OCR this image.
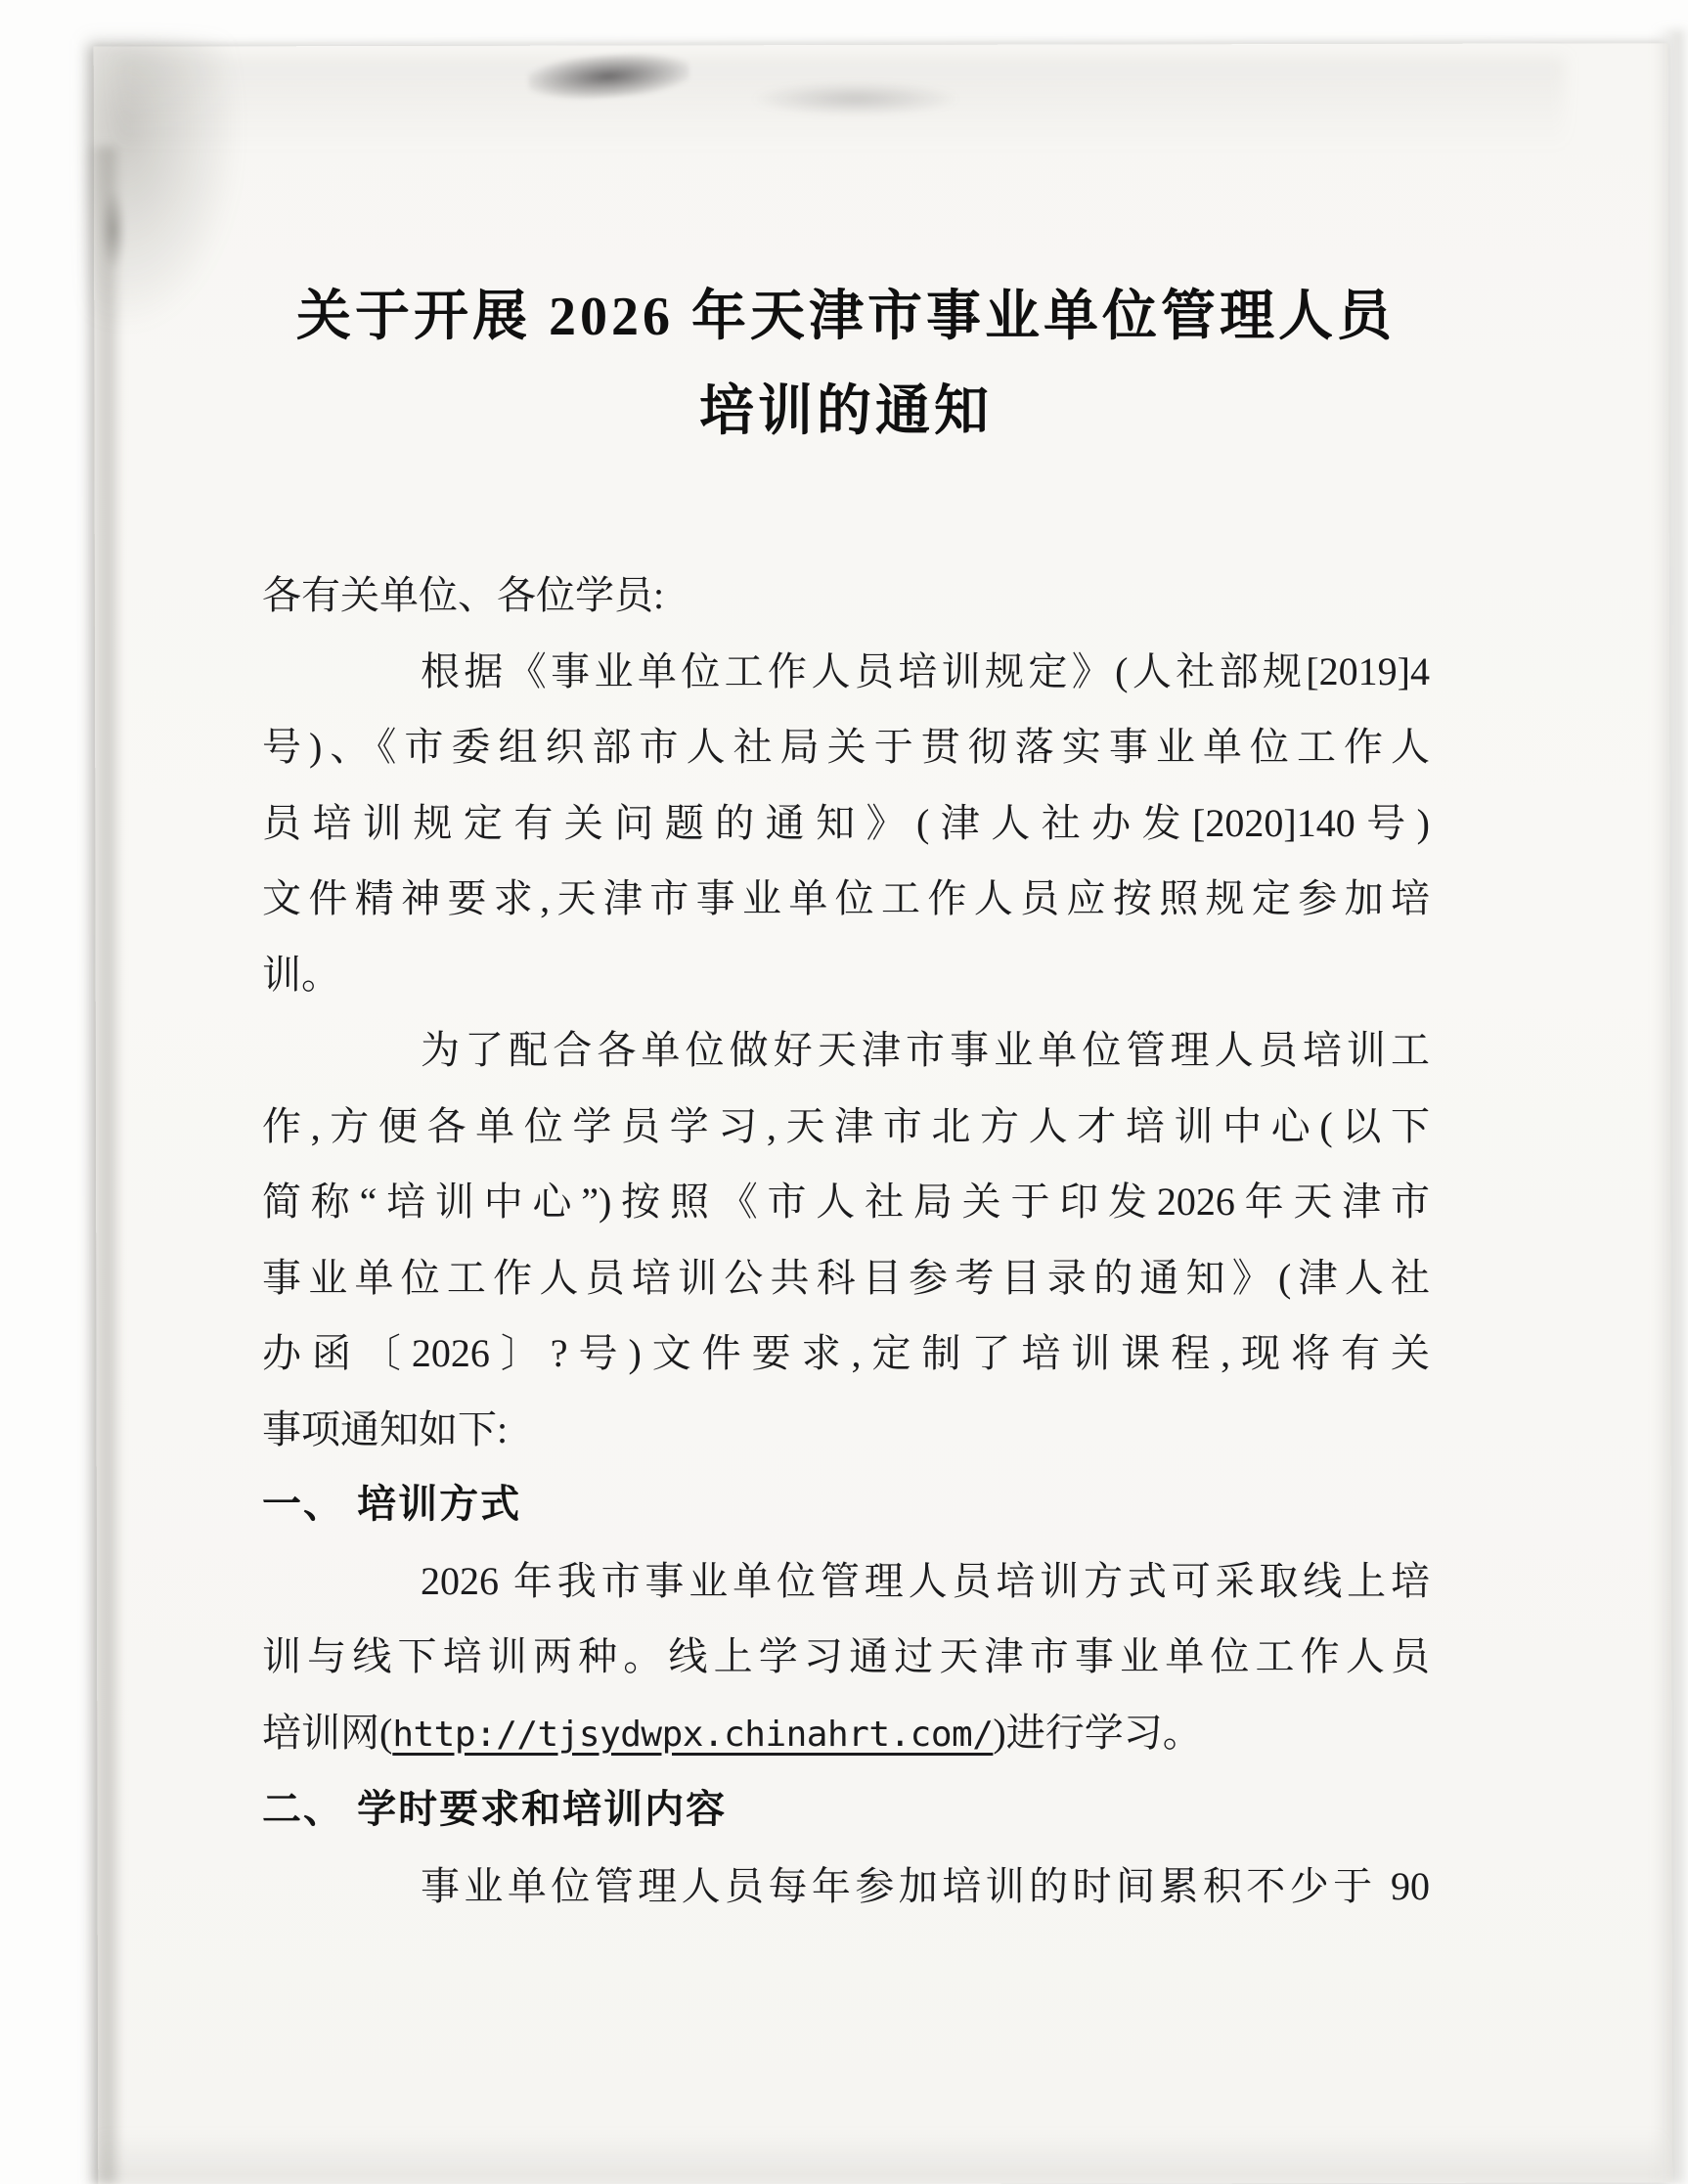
关于开展 2026 年天津市事业单位管理人员
培训的通知
各有关单位、各位学员:
根据《事业单位工作人员培训规定》(人社部规[2019]4
号)、《市委组织部市人社局关于贯彻落实事业单位工作人
员培训规定有关问题的通知》(津人社办发[2020]140号)
文件精神要求,天津市事业单位工作人员应按照规定参加培
训。
为了配合各单位做好天津市事业单位管理人员培训工
作,方便各单位学员学习,天津市北方人才培训中心(以下
简称“培训中心”)按照《市人社局关于印发2026年天津市
事业单位工作人员培训公共科目参考目录的通知》(津人社
办函〔2026〕?号)文件要求,定制了培训课程,现将有关
事项通知如下:
一、 培训方式
2026 年我市事业单位管理人员培训方式可采取线上培
训与线下培训两种。线上学习通过天津市事业单位工作人员
培训网(http://tjsydwpx.chinahrt.com/)进行学习。
二、 学时要求和培训内容
事业单位管理人员每年参加培训的时间累积不少于 90
